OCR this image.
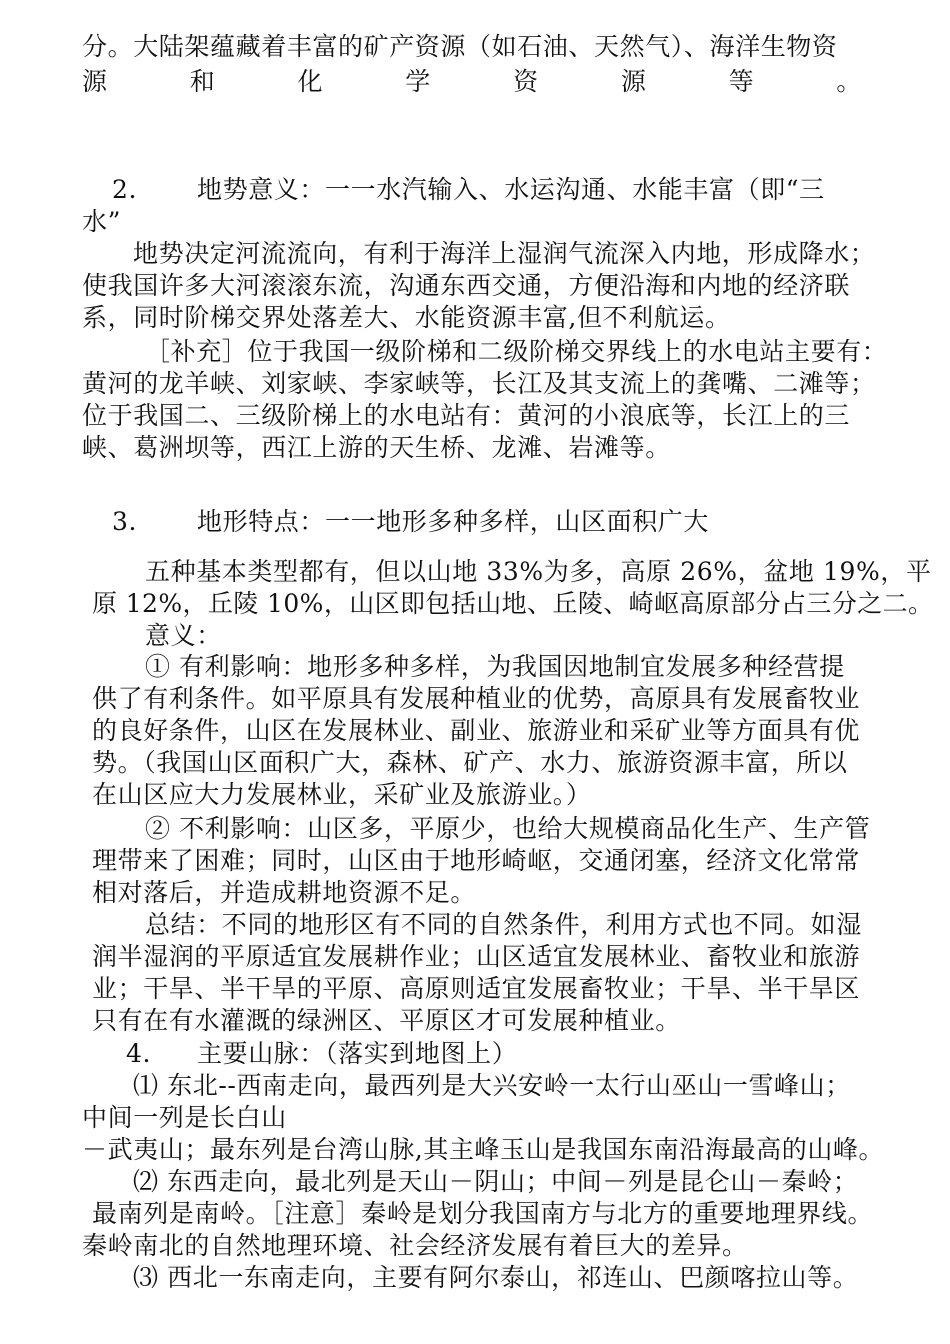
分。大陆架蕴藏着丰富的矿产资源（如石油、天然气）、海洋生物资
源	和	化	学	资	源	等	。
2. 地势意义：一一水汽输入、水运沟通、水能丰富（即“三
水”
地势决定河流流向，有利于海洋上湿润气流深入内地，形成降水；
使我国许多大河滚滚东流，沟通东西交通，方便沿海和内地的经济联
系，同时阶梯交界处落差大、水能资源丰富,但不利航运。
［补充］位于我国一级阶梯和二级阶梯交界线上的水电站主要有：
黄河的龙羊峡、刘家峡、李家峡等，长江及其支流上的龚嘴、二滩等；
位于我国二、三级阶梯上的水电站有：黄河的小浪底等，长江上的三
峡、葛洲坝等，西江上游的天生桥、龙滩、岩滩等。
3. 地形特点：一一地形多种多样，山区面积广大
五种基本类型都有，但以山地 33%为多，高原 26%，盆地 19%，平
原 12%，丘陵 10%，山区即包括山地、丘陵、崎岖高原部分占三分之二。
意义：
① 有利影响：地形多种多样，为我国因地制宜发展多种经营提
供了有利条件。如平原具有发展种植业的优势，高原具有发展畜牧业
的良好条件，山区在发展林业、副业、旅游业和采矿业等方面具有优
势。（我国山区面积广大，森林、矿产、水力、旅游资源丰富，所以
在山区应大力发展林业，采矿业及旅游业。）
② 不利影响：山区多，平原少，也给大规模商品化生产、生产管
理带来了困难；同时，山区由于地形崎岖，交通闭塞，经济文化常常
相对落后，并造成耕地资源不足。
总结：不同的地形区有不同的自然条件，利用方式也不同。如湿
润半湿润的平原适宜发展耕作业；山区适宜发展林业、畜牧业和旅游
业；干旱、半干旱的平原、高原则适宜发展畜牧业；干旱、半干旱区
只有在有水灌溉的绿洲区、平原区才可发展种植业。
4. 主要山脉：（落实到地图上）
⑴ 东北--西南走向，最西列是大兴安岭一太行山巫山一雪峰山；
中间一列是长白山
－武夷山；最东列是台湾山脉,其主峰玉山是我国东南沿海最高的山峰。
⑵ 东西走向，最北列是天山－阴山；中间－列是昆仑山－秦岭；
最南列是南岭。［注意］秦岭是划分我国南方与北方的重要地理界线。
秦岭南北的自然地理环境、社会经济发展有着巨大的差异。
⑶ 西北一东南走向，主要有阿尔泰山，祁连山、巴颜喀拉山等。
